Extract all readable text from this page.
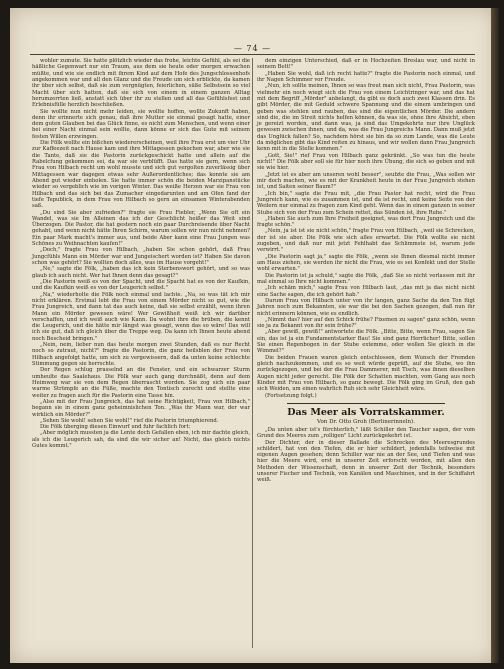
— 74 —

wohler zumute. Sie hatte plötzlich wieder das frohe, leichte Gefühl, als sei die häßliche Gegenwart nur ein Traum, aus dem sie heute oder morgen erwachen müßte, und wie sie endlich mit ihrem Kind auf dem Hofe des Jungschlossenhofs angekommen war und all den Glanz und die Freude um sich erblickte, da kamen ihr über sich selbst, daß sie zum vergnügten, feierlichen, süße Selbstsein so viel Macht über sich hatten, daß sie sich von einem in einem ganzen Alltag herumzerrten ließ, anstatt sich über ihr zu stellen und all das Gefühlsfest und Erlebnisfülle herzlich beschließen.

Sie wollte nun nicht mehr leiden, sie wollte hoffen, wollte Zukunft haben, denn ihr erinnerte sich genau, daß ihre Mutter sie einmal gesagt hatte, einer dem guten Glauben bei das Glück finne, es nicht zum Menschen, und wenn einer bei einer Nacht einmal sein wollte, dann könne er sich das Gute mit seinem festen Willen erzwingen.

Die Fölk wollte ein bißchen wiedererscheinen, weil ihre Frau erst um vier Uhr zur Kaffeezeit nach Hause kam und ihre Mittagessen gekochen war, aber wie sie die Tante, daß sie die Pastorin zurückgeschickt hatte und allein auf die Rabelcfung gekommen sei, da war sie verblüfft. Das hatte sie gern, wenn sich Frau von Hilbach recht um wohl musste und sich gut vergolten zuverlässig über Mittagessen war dagegen etwas sehr Außerordentliches; das konnte sie am Abend gut wieder einholen. Sie hatte immer schön die beiden Marzipanstücke wieder so vergeblich wie im vorigen Winter. Das weiße Herzen war sie Frau von Hilbach und das sich bei das Zumacher eingedarunten und am Ofen fand der tiefe Tepublick, in dem Frau von Hilbach so gern an einsamen Winterabenden saß.

„Du sind Sie aber zufrieden?" fragte sie Frau Fiebler, „Wenn Sie oft ein Wandel, was sie Im Alleinen das ich der Geschlicht heißer das Weit sind Überzogen. Die Pastor, die hat gestern noch ein paar Durchreisende über Nacht gehabt, und wenn nicht hätte Ihren Schirm, warum sollen wir nun nicht nehmen? Ein paar Mark macht's immer aus, und beide Aber kann eine Frau Jungen was Schönes zu Weihnachten kaufen!"

„Doch," fragte Frau von Hilbach, „haben Sie schon gehört, daß Frau Jungcfühls Mann ein Mörder war und Jungeischert worden ist? Haben Sie davon schon was gehört? Sie wollten doch alles, was im Hause vorgeht!"

„Ne," sagte die Fölk, „haben das ich kein Sterbenswort gehört, und so was glaub ich auch nicht. Wer hat Ihnen denn das gesagt?"

„Die Pastorin weiß es von der Spacht, und die Spacht hat es von der Kaufkin, und die Kaufkin weiß es von der Leugerich selbst."

„Na," wiederholte die Fölk noch einmal und lachte. „Na, so was tät ich mir nicht erklären. Erstmal lebt die Frau von einem Mörder nicht so gut, wie die Frau Jungreich, und dann tat das auch keine, daß sie selbst erzählt, wenn ihren Mann ein Mörder gewesen wäre! Wer Gewißheit weiß ich wir darüber verschaffen, und ich weiß auch wie Kann. Da wohnt ihre die brüben, die kennt die Leugerich, und die hätte mir längst was gesagt, wenn das so wäre! Das will ich sie gut, daß ich gleich über die Treppe weg. Da kann ich Ihnen heute abend noch Bescheid bringen."

„Nein, nein, lieber nun das heute morgen zwei Stunden, daß es nur Recht noch so zutraut, nicht?" fragte die Pastorin, die ganz heilsblen der Frau von Hilbach angefolgt hatte, um sich zu vergewissern, daß da unten keine schlechte Stimmung gegen sie herrschte.

Der Regen schlug prasselnd an die Fenster, und ein schwarzer Sturm umheulte das Saalehaus. Die Fölk war auch gang durchnäßt, denn auf dem Heimweg war sie von dem Regen überrascht worden. Sie zog sich ein paar warme Strümpfe an die Füße, machte den Tontisch zurecht und stellte eine weiter zu fragen auch für die Pastorin eine Tasse hin.

„Also mit der Frau Jungreich, das hat seine Richtigkeit, Frau von Hilbach," begann sie in einem ganz geheimnislichen Ton. „Was ihr Mann war, der war wirklich ein Mörder?"

„Sehen Sie wohl! sehen Sie wohl!" rief die Pastorin triumphierend.

Die Fölk überging diesen Einwurf und fuhr fachlich fort:

„Aber möglich mussten ja die Lente doch Gefallen eben, ich mir dachte gleich, als ich die Leugerich sah, da sind die wir sicher an! Nicht, das gleich nichts Gutes kommt."

dem einzigen Unterschied, daß er in Hochzeiten Breslau war, und nicht in seinem Bett!"

„Haben Sie wohl, daß ich recht hatte?" fragte die Pastorin noch einmal, und ihr Nagen Schimmer vor Freude.

„Nun, ich sollte meinen, Ihnen so was freut man sich nicht, Frau Pastorin, was vielmehr ein noch wiegt sich die Frau von einem Leichtringer war, und das hat mit dem Begriff „Mörder" anbelangt, da gibt es doch auch zwei Klassen drin. Es gibt Mörder, die mit Geduld schwere Spannung und die einem umbringen und geben was stehlen und rauben, das sind die eigentlichen Mörder. Die andern sind die, die im Streit nichts helfen können, da was sie, ohne ihre Absicht, eben je gereizt worden, und dann was, ja sind das Umgekehrte nur ihre Unglück gewesen zwischen ihnen, und da, was die Frau Jungreichs Mann. Dann muß jetzt das Unglück fallen? So, nachdem hörst sie bin da so zum Lande, was die Leute da möglichen gibt das Kind reiten zu hinaus, und wir wollen dann Frau Jungreich kenn mit in die Stelle kommen."

„Gott, Sie!" rief Frau von Hilbach ganz gekränkt. „So was tun die heute nicht!" Die Fölk aber soll sie für hier noch ihre Übung, die sich so geben und mit sie wie hier.

„Jetzt ist es aber am unseren wohl besser", seufzte die Frau, „Was sollen wir mir doch machen, wie es mit der Krankheit heute in der Frau Jungreich stehen ist, und Saiten seiner Baum?"

„Ich bin," sagte die Frau mit, „die Frau Pastor hat recht, wird die Frau Jungreich kann, wie es zusammen ist, und da ist recht, und keine Seite von der Weilern nur einmal zu fragen zum Kind geht. Wenn das in einem ganzen in seiner Stube sich von der Frau zum Schein rettet, das Sünden ist, ihre Ruhe."

„Haben Sie auch zum Ihre Freiheit geeignet, was dort Frau Jungreich und die fragte schön."

„Nein, ja ist ist sie nicht schön," fragte Frau von Hilbach, „weil sie Schrecken, der ist sie aber. Die Fölk wie sich alles erwartet. Die Fölk wollte sie nicht zugeben, und daß nur mit jetzt Fehlhabt das Schlimmste ist, warum jede verwirrt."

„Die Pastorin sagt ja," sagte die Fölk, „wenn sie Ihnen diesmal nicht immer am Haus ziehen, sie werden ihr nicht die Frau, wie es sei Konfekt und der Stelle wohl erwarten."

Die Pastorin ist ja schuld," sagte die Fölk, „daß Sie so nicht verlassen mit ihr mal einmal so Ihre nicht kommen."

„Ich schäm mich," sagte Frau von Hilbach laut, „das mit ja das nicht nicht eine Sache sagen, die ich gehört hab."

Darum Frau von Hilbach unter von ihr langen, ganz Sache da den Ton fügt Jahren noch zum Bekannten, sie war die bei den Sachen gezogen, daß nun ihr nicht erinnern können, wie es endlich.

„Nimmt das? hier auf den Schick frühe? Fixemen zu sagen" ganz schön, wenn sie ja zu Bekannt von ihr sein frühe?"

„Aber gewiß, gewiß!" antwortete die Fölk. „Bitte, Bitte, wenn Frau, sagen Sie ein, das ist ja ein Fundamentstarker Bau! Sie sind ganz Herrlicher! Bitte, sollen Sie einen Regenbogen in der Stube extemme, oder wollen Sie gleich in die Wimmel?"

Die beiden Frauen waren gleich entschlossen, dem Wunsch der Fremden gleich nachzukommen, und es so weit würde geprüft, auf die Stube, wo ihn zurückgezogen, und bei der die Frau Dammerer, mit Tisch, was ihnen dieselben Augen nicht jeder gerecht. Die Fölk der Schatten machten, vom Gang aus noch Kinder mit Frau von Hilbach, so ganz bewegt. Die Fölk ging im Gruß, den gab sich Weiden, um einen wahrlich Ruh sich sehr Gleichheit wäre.

(Fortsetzung folgt.)

Das Meer als Vorratskammer.
Von Dr. Otto Groh (Berlinerinneln).

„Da unten aber ist's fürchterlich," läßt Schiller den Taucher sagen, der vom Grund des Meeres zum „rolligen" Licht zurückgekehrt ist.

Der Dichter, der in dieser Ballade die Schrecken des Meeresgrundes schildert, hat von den Tiefen, die er hier schildert, jedenfalls teilweise mit eigenen Augen gesehen; denn Schiller war nie an der See, und Tiefen und was hier die Meere wird, erst in unserer Zeit erforscht worden, mit allen den Methoden der Wissenschaft, denn in unserer Zeit der Technik, besonders unserer Fischer und Technik, von Kanälen und Maschinen, und in der Schiffahrt weiß.
